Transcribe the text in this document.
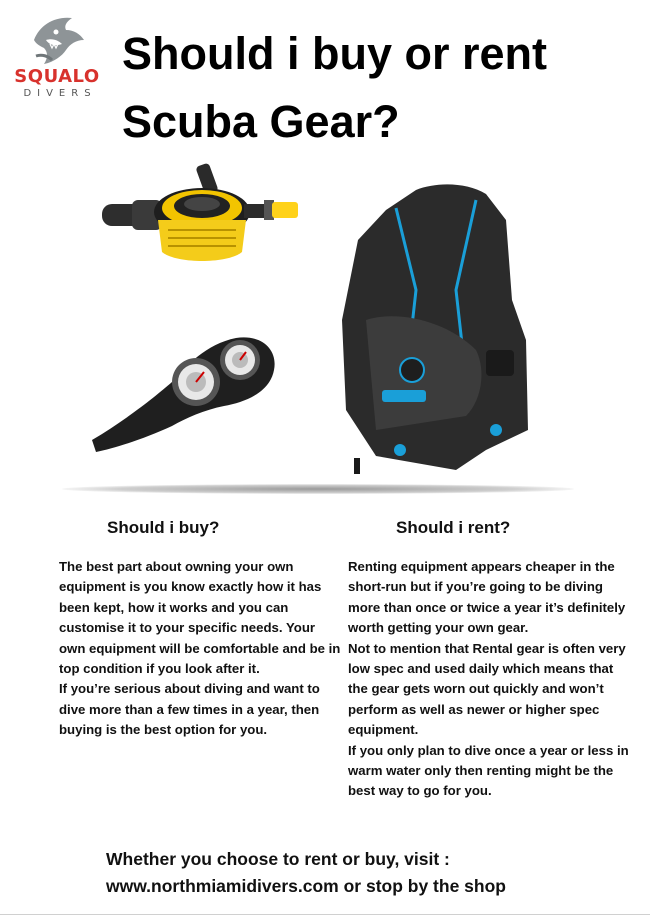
SQUALO
DIVERS
Should i buy or rent
Scuba Gear?
Should i buy?	Should i rent?

The best part about owning your own equipment is you know exactly how it has been kept, how it works and you can customise it to your specific needs. Your own equipment will be comfortable and be in top condition if you look after it.

If you’re serious about diving and want to dive more than a few times in a year, then buying is the best option for you.

Renting equipment appears cheaper in the short-run but if you’re going to be diving more than once or twice a year it’s definitely worth getting your own gear.

Not to mention that Rental gear is often very low spec and used daily which means that the gear gets worn out quickly and won’t perform as well as newer or higher spec equipment.

If you only plan to dive once a year or less in warm water only then renting might be the best way to go for you.

Whether you choose to rent or buy, visit :
www.northmiamidivers.com or stop by the shop
